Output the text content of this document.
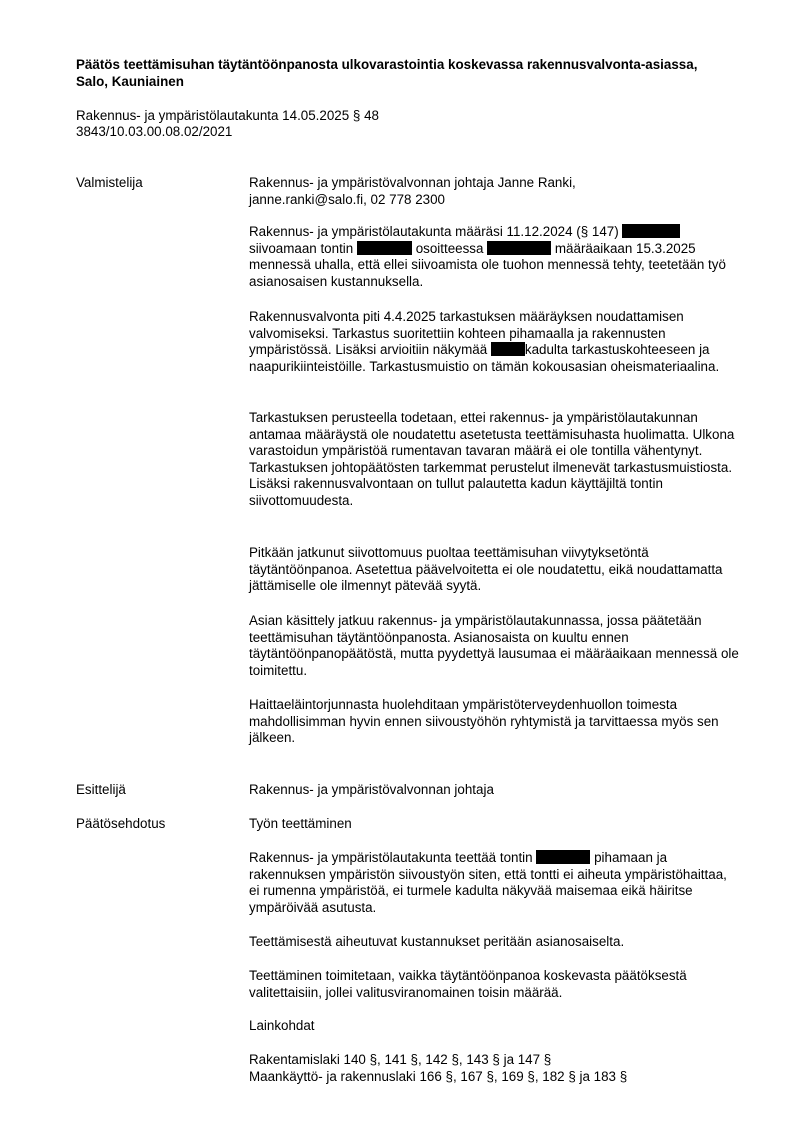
Päätös teettämisuhan täytäntöönpanosta ulkovarastointia koskevassa rakennusvalvonta-asiassa, Salo, Kauniainen
Rakennus- ja ympäristölautakunta 14.05.2025 § 48
3843/10.03.00.08.02/2021
Valmistelija	Rakennus- ja ympäristövalvonnan johtaja Janne Ranki,

janne.ranki@salo.fi, 02 778 2300

Rakennus- ja ympäristölautakunta määräsi 11.12.2024 (§ 147)  siivoamaan tontin	osoitteessa	määräaikaan 15.3.2025 mennessä uhalla, että ellei siivoamista ole tuohon mennessä tehty, teetetään työ asianosaisen kustannuksella.

Rakennusvalvonta piti 4.4.2025 tarkastuksen määräyksen noudattamisen valvomiseksi. Tarkastus suoritettiin kohteen pihamaalla ja rakennusten ympäristössä. Lisäksi arvioitiin näkymää	kadulta tarkastuskohteeseen ja naapurikiinteistöille. Tarkastusmuistio on tämän kokousasian oheismateriaalina.

Tarkastuksen perusteella todetaan, ettei rakennus- ja ympäristölautakunnan antamaa määräystä ole noudatettu asetetusta teettämisuhasta huolimatta. Ulkona varastoidun ympäristöä rumentavan tavaran määrä ei ole tontilla vähentynyt. Tarkastuksen johtopäätösten tarkemmat perustelut ilmenevät tarkastusmuistiosta. Lisäksi rakennusvalvontaan on tullut palautetta kadun käyttäjiltä tontin siivottomuudesta.
Pitkään jatkunut siivottomuus puoltaa teettämisuhan viivytyksetöntä täytäntöönpanoa. Asetettua päävelvoitetta ei ole noudatettu, eikä noudattamatta jättämiselle ole ilmennyt pätevää syytä.
Asian käsittely jatkuu rakennus- ja ympäristölautakunnassa, jossa päätetään teettämisuhan täytäntöönpanosta. Asianosaista on kuultu ennen täytäntöönpanopäätöstä, mutta pyydettyä lausumaa ei määräaikaan mennessä ole toimitettu.
Haittaeläintorjunnasta huolehditaan ympäristöterveydenhuollon toimesta mahdollisimman hyvin ennen siivoustyöhön ryhtymistä ja tarvittaessa myös sen jälkeen.
Esittelijä	Rakennus- ja ympäristövalvonnan johtaja
Päätösehdotus	Työn teettäminen

Rakennus- ja ympäristölautakunta teettää tontin	pihamaan ja rakennuksen ympäristön siivoustyön siten, että tontti ei aiheuta ympäristöhaittaa, ei rumenna ympäristöä, ei turmele kadulta näkyvää maisemaa eikä häiritse ympäröivää asutusta.

Teettämisestä aiheutuvat kustannukset peritään asianosaiselta.
Teettäminen toimitetaan, vaikka täytäntöönpanoa koskevasta päätöksestä valitettaisiin, jollei valitusviranomainen toisin määrää.
Lainkohdat

Rakentamislaki 140 §, 141 §, 142 §, 143 § ja 147 §

Maankäyttö- ja rakennuslaki 166 §, 167 §, 169 §, 182 § ja 183 §
